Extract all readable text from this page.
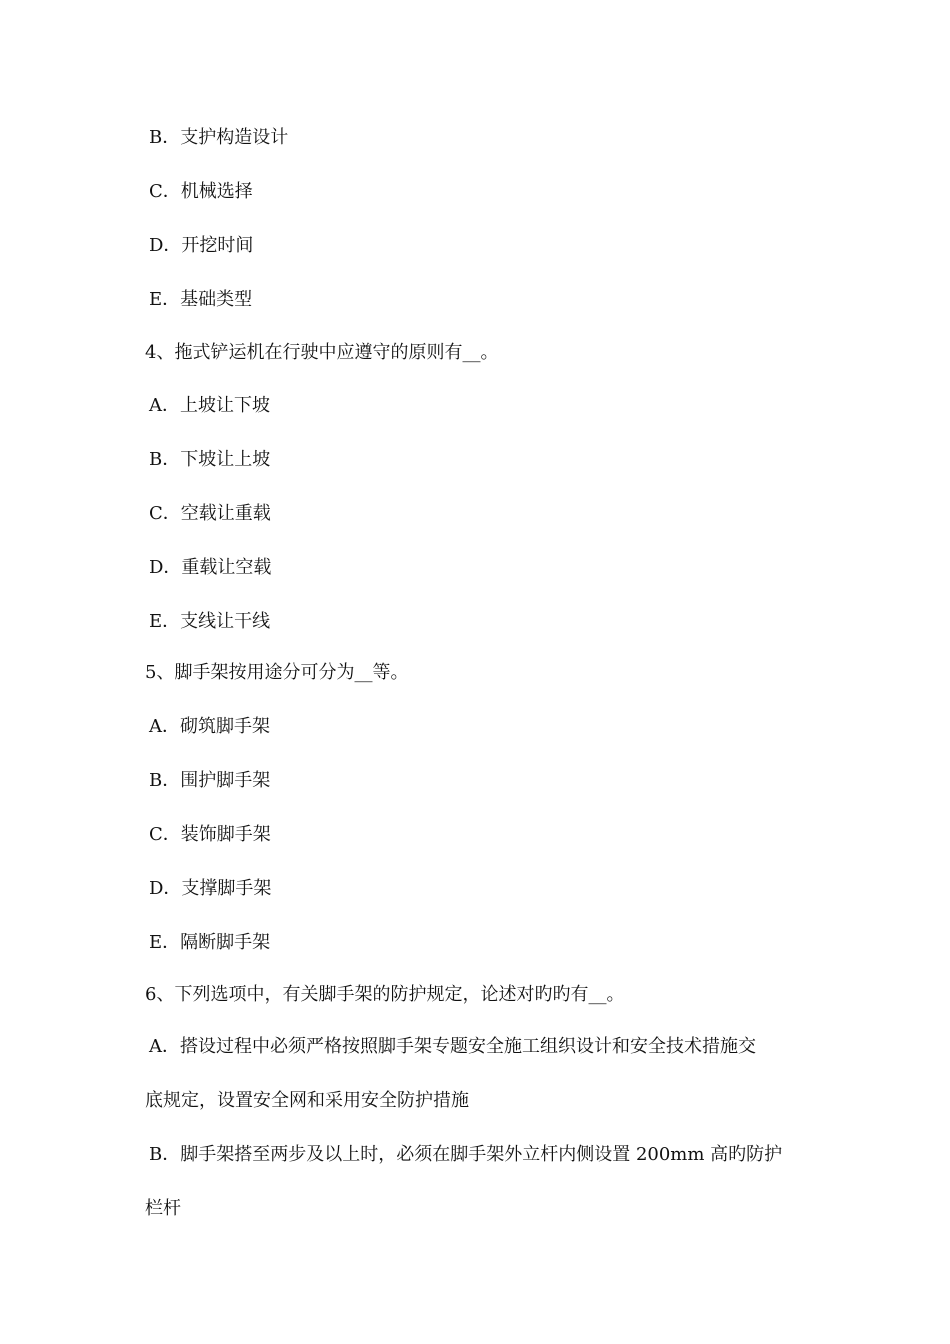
B．支护构造设计
C．机械选择
D．开挖时间
E．基础类型
4、拖式铲运机在行驶中应遵守的原则有__。
A．上坡让下坡
B．下坡让上坡
C．空载让重载
D．重载让空载
E．支线让干线
5、脚手架按用途分可分为__等。
A．砌筑脚手架
B．围护脚手架
C．装饰脚手架
D．支撑脚手架
E．隔断脚手架
6、下列选项中，有关脚手架的防护规定，论述对旳旳有__。
A．搭设过程中必须严格按照脚手架专题安全施工组织设计和安全技术措施交
底规定，设置安全网和采用安全防护措施
B．脚手架搭至两步及以上时，必须在脚手架外立杆内侧设置 200mm 高旳防护
栏杆
